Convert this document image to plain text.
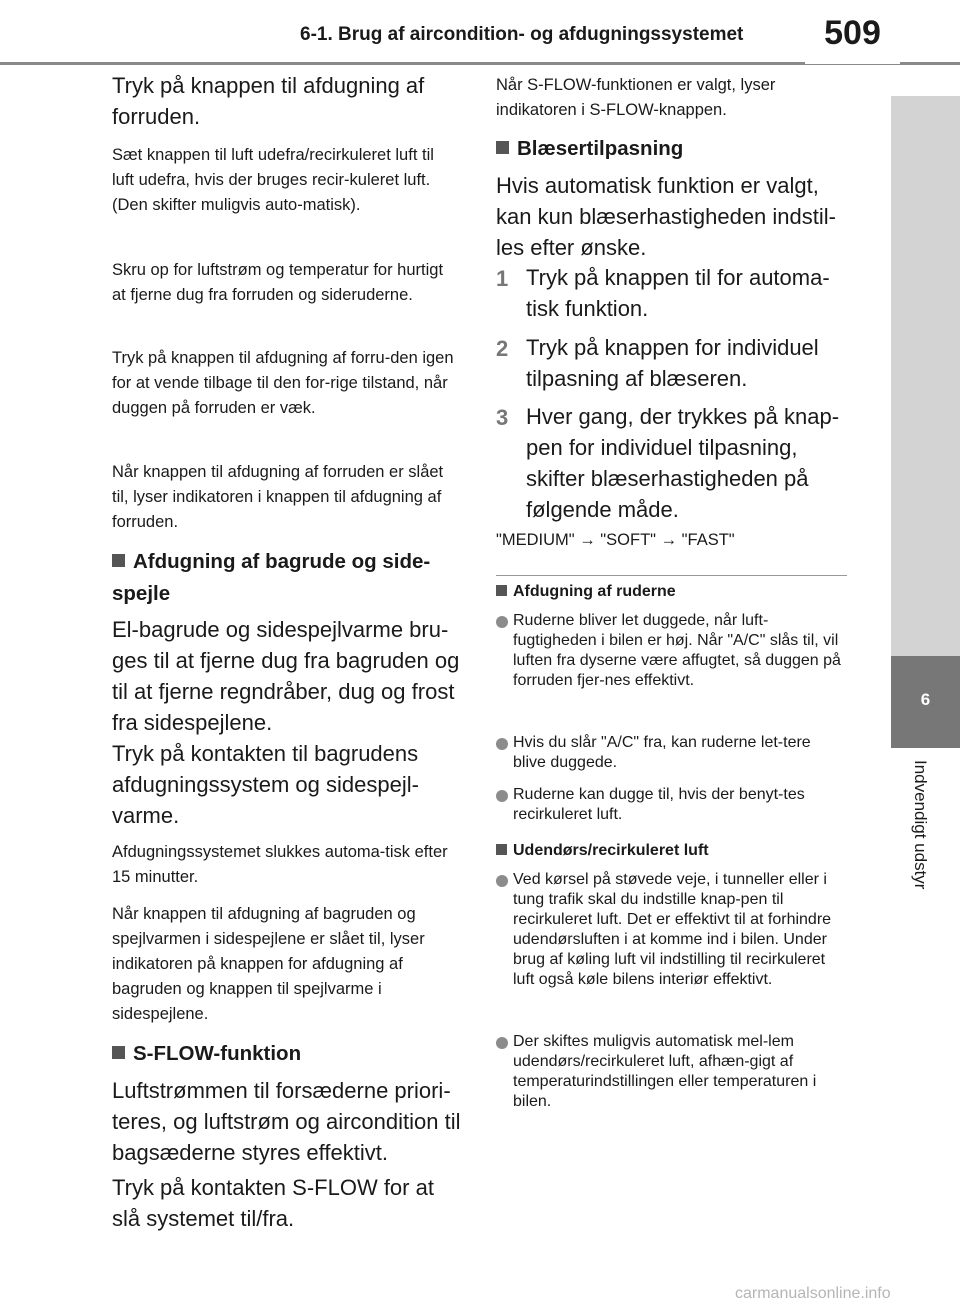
6-1. Brug af aircondition- og afdugningssystemet	509
6
Indvendigt udstyr
Tryk på knappen til afdugning af forruden.
Sæt knappen til luft udefra/recirkuleret luft til luft udefra, hvis der bruges recir-kuleret luft. (Den skifter muligvis auto-matisk).
Skru op for luftstrøm og temperatur for hurtigt at fjerne dug fra forruden og sideruderne.
Tryk på knappen til afdugning af forru-den igen for at vende tilbage til den for-rige tilstand, når duggen på forruden er væk.
Når knappen til afdugning af forruden er slået til, lyser indikatoren i knappen til afdugning af forruden.
Afdugning af bagrude og side-spejle
El-bagrude og sidespejlvarme bru-ges til at fjerne dug fra bagruden og til at fjerne regndråber, dug og frost fra sidespejlene.
Tryk på kontakten til bagrudens afdugningssystem og sidespejl-varme.
Afdugningssystemet slukkes automa-tisk efter 15 minutter.
Når knappen til afdugning af bagruden og spejlvarmen i sidespejlene er slået til, lyser indikatoren på knappen for afdugning af bagruden og knappen til spejlvarme i sidespejlene.
S-FLOW-funktion
Luftstrømmen til forsæderne priori-teres, og luftstrøm og aircondition til bagsæderne styres effektivt.
Tryk på kontakten S-FLOW for at slå systemet til/fra.
Når S-FLOW-funktionen er valgt, lyser indikatoren i S-FLOW-knappen.
Blæsertilpasning
Hvis automatisk funktion er valgt, kan kun blæserhastigheden indstil-les efter ønske.
1 Tryk på knappen til for automa-tisk funktion.
2 Tryk på knappen for individuel tilpasning af blæseren.
3 Hver gang, der trykkes på knap-pen for individuel tilpasning, skifter blæserhastigheden på følgende måde.
"MEDIUM" → "SOFT" → "FAST"
Afdugning af ruderne
Ruderne bliver let duggede, når luft-fugtigheden i bilen er høj. Når "A/C" slås til, vil luften fra dyserne være affugtet, så duggen på forruden fjer-nes effektivt.
Hvis du slår "A/C" fra, kan ruderne let-tere blive duggede.
Ruderne kan dugge til, hvis der benyt-tes recirkuleret luft.
Udendørs/recirkuleret luft
Ved kørsel på støvede veje, i tunneller eller i tung trafik skal du indstille knap-pen til recirkuleret luft. Det er effektivt til at forhindre udendørsluften i at komme ind i bilen. Under brug af køling luft vil indstilling til recirkuleret luft også køle bilens interiør effektivt.
Der skiftes muligvis automatisk mel-lem udendørs/recirkuleret luft, afhæn-gigt af temperaturindstillingen eller temperaturen i bilen.
carmanualsonline.info
